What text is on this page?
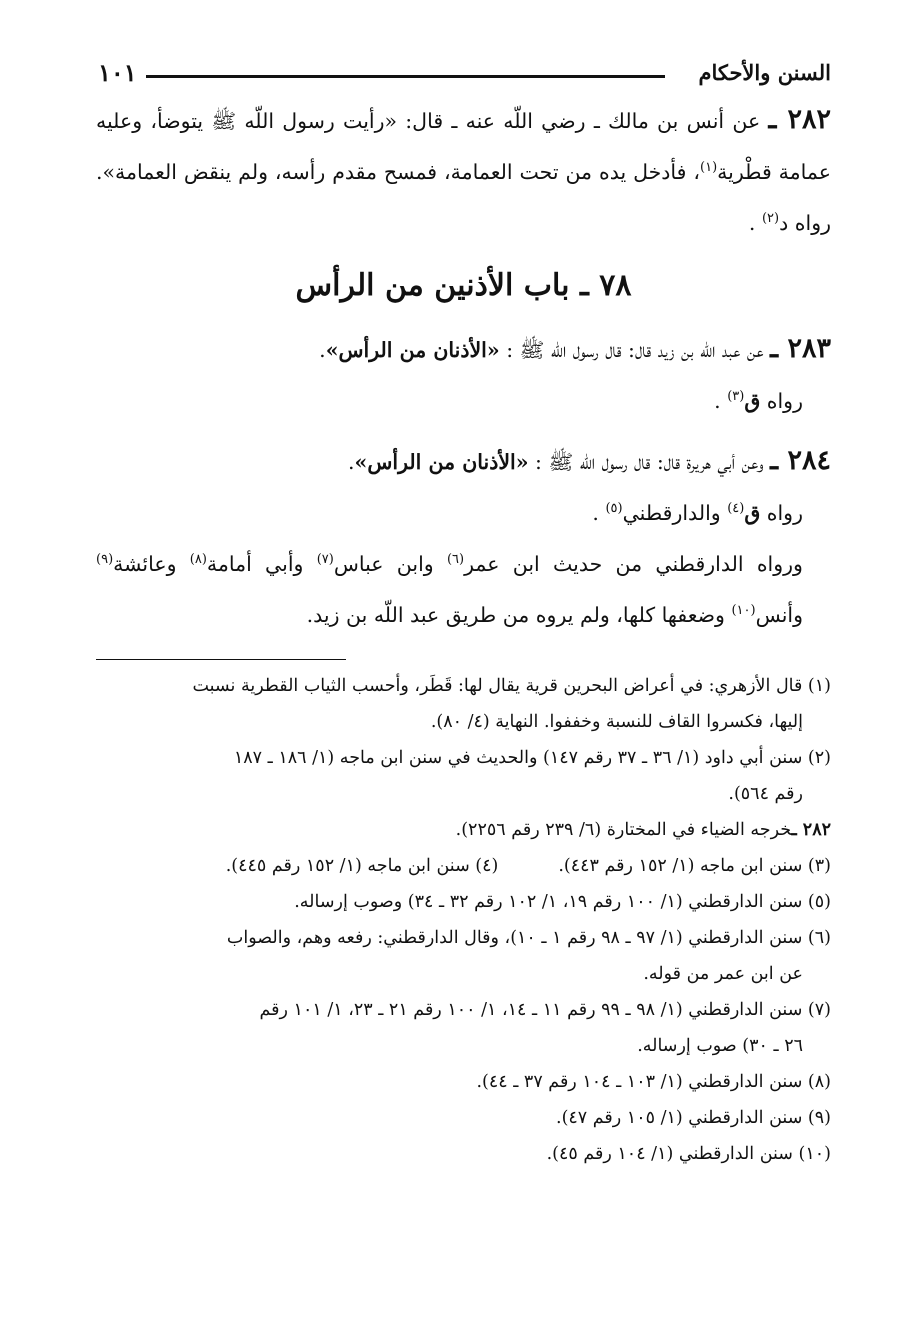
السنن والأحكام
١٠١
٢٨٢ ـ عن أنس بن مالك ـ رضي اللّه عنه ـ قال: «رأيت رسول اللّه ﷺ يتوضأ، وعليه عمامة قطْرية$^{(١)}$، فأدخل يده من تحت العمامة، فمسح مقدم رأسه، ولم ينقض العمامة». رواه د$^{(٢)}$ .
٧٨ ـ باب الأذنين من الرأس
٢٨٣ ـ عن عبد اللّه بن زيد قال: قال رسول اللّه ﷺ : «الأذنان من الرأس».
رواه ق$^{(٣)}$ .
٢٨٤ ـ وعن أبي هريرة قال: قال رسول اللّه ﷺ : «الأذنان من الرأس».
رواه ق$^{(٤)}$ والدارقطني$^{(٥)}$ .
ورواه الدارقطني من حديث ابن عمر$^{(٦)}$ وابن عباس$^{(٧)}$ وأبي أمامة$^{(٨)}$ وعائشة$^{(٩)}$ وأنس$^{(١٠)}$ وضعفها كلها، ولم يروه من طريق عبد اللّه بن زيد.
(١) قال الأزهري: في أعراض البحرين قرية يقال لها: قَطَر، وأحسب الثياب القطرية نسبت
إليها، فكسروا القاف للنسبة وخففوا. النهاية (٤/ ٨٠).
(٢) سنن أبي داود (١/ ٣٦ ـ ٣٧ رقم ١٤٧) والحديث في سنن ابن ماجه (١/ ١٨٦ ـ ١٨٧
رقم ٥٦٤).
٢٨٢ ـخرجه الضياء في المختارة (٦/ ٢٣٩ رقم ٢٢٥٦).
(٣) سنن ابن ماجه (١/ ١٥٢ رقم ٤٤٣).
(٤) سنن ابن ماجه (١/ ١٥٢ رقم ٤٤٥).
(٥) سنن الدارقطني (١/ ١٠٠ رقم ١٩، ١/ ١٠٢ رقم ٣٢ ـ ٣٤) وصوب إرساله.
(٦) سنن الدارقطني (١/ ٩٧ ـ ٩٨ رقم ١ ـ ١٠)، وقال الدارقطني: رفعه وهم، والصواب
عن ابن عمر من قوله.
(٧) سنن الدارقطني (١/ ٩٨ ـ ٩٩ رقم ١١ ـ ١٤، ١/ ١٠٠ رقم ٢١ ـ ٢٣، ١/ ١٠١ رقم
٢٦ ـ ٣٠) صوب إرساله.
(٨) سنن الدارقطني (١/ ١٠٣ ـ ١٠٤ رقم ٣٧ ـ ٤٤).
(٩) سنن الدارقطني (١/ ١٠٥ رقم ٤٧).
(١٠) سنن الدارقطني (١/ ١٠٤ رقم ٤٥).
